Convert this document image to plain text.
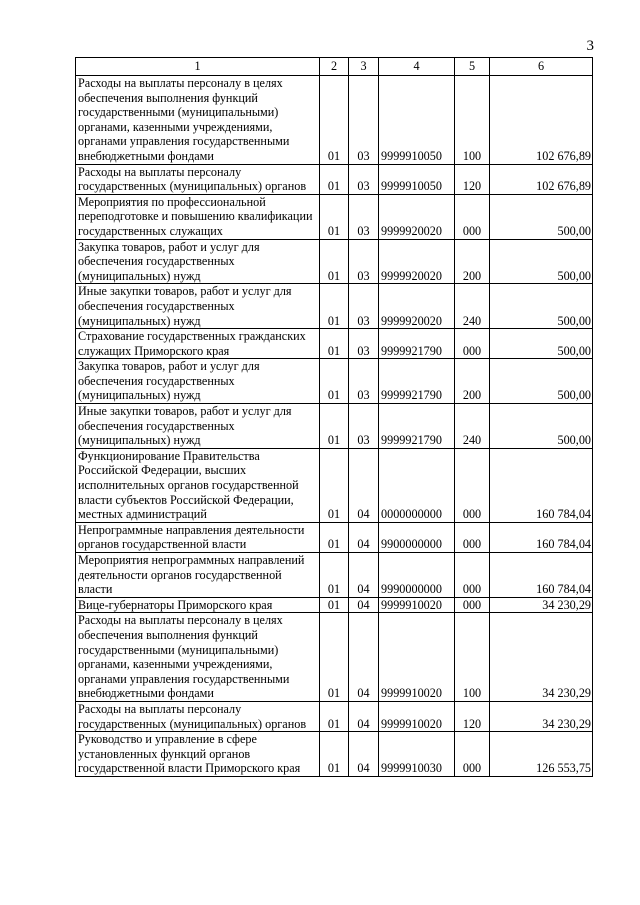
3
1	2	3	4	5	6
Расходы на выплаты персоналу в целях обеспечения выполнения функций государственными (муниципальными) органами, казенными учреждениями, органами управления государственными внебюджетными фондами	01	03	9999910050	100	102 676,89
Расходы на выплаты персоналу государственных (муниципальных) органов	01	03	9999910050	120	102 676,89
Мероприятия по профессиональной переподготовке и повышению квалификации государственных служащих	01	03	9999920020	000	500,00
Закупка товаров, работ и услуг для обеспечения государственных (муниципальных) нужд	01	03	9999920020	200	500,00
Иные закупки товаров, работ и услуг для обеспечения государственных (муниципальных) нужд	01	03	9999920020	240	500,00
Страхование государственных гражданских служащих Приморского края	01	03	9999921790	000	500,00
Закупка товаров, работ и услуг для обеспечения государственных (муниципальных) нужд	01	03	9999921790	200	500,00
Иные закупки товаров, работ и услуг для обеспечения государственных (муниципальных) нужд	01	03	9999921790	240	500,00
Функционирование Правительства Российской Федерации, высших исполнительных органов государственной власти субъектов Российской Федерации, местных администраций	01	04	0000000000	000	160 784,04
Непрограммные направления деятельности органов государственной власти	01	04	9900000000	000	160 784,04
Мероприятия непрограммных направлений деятельности органов государственной власти	01	04	9990000000	000	160 784,04
Вице-губернаторы Приморского края	01	04	9999910020	000	34 230,29
Расходы на выплаты персоналу в целях обеспечения выполнения функций государственными (муниципальными) органами, казенными учреждениями, органами управления государственными внебюджетными фондами	01	04	9999910020	100	34 230,29
Расходы на выплаты персоналу государственных (муниципальных) органов	01	04	9999910020	120	34 230,29
Руководство и управление в сфере установленных функций органов государственной власти Приморского края	01	04	9999910030	000	126 553,75
